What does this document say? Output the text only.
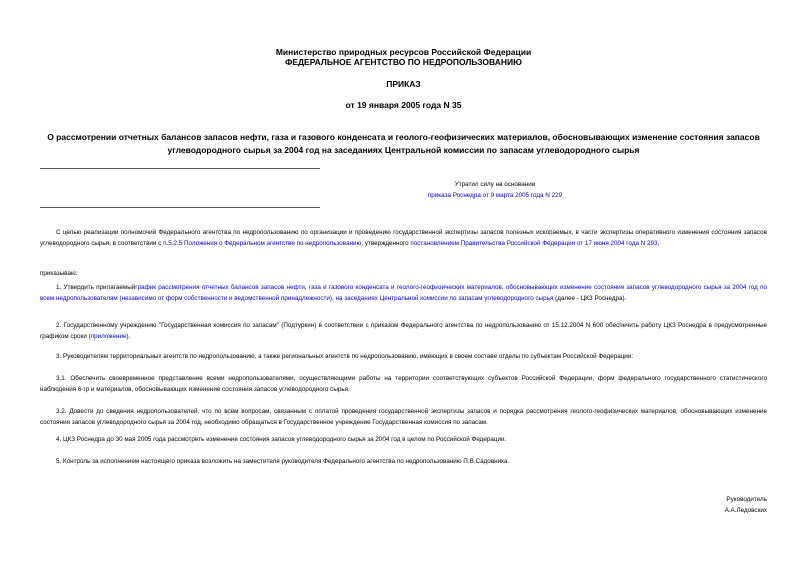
Министерство природных ресурсов Российской Федерации
ФЕДЕРАЛЬНОЕ АГЕНТСТВО ПО НЕДРОПОЛЬЗОВАНИЮ
ПРИКАЗ
от 19 января 2005 года N 35
О рассмотрении отчетных балансов запасов нефти, газа и газового конденсата и геолого-геофизических материалов, обосновывающих изменение состояния запасов углеводородного сырья за 2004 год на заседаниях Центральной комиссии по запасам углеводородного сырья
Утратил силу на основании
приказа Роснедра от 9 марта 2005 года N 229
С целью реализации полномочий Федерального агентства по недропользованию по организации и проведению государственной экспертизы запасов полезных ископаемых, в части экспертизы оперативного изменения состояния запасов углеводородного сырья, в соответствии с п.5.2.5 Положения о Федеральном агентстве по недропользованию, утвержденного постановлением Правительства Российской Федерации от 17 июня 2004 года N 293,
приказываю:
1. Утвердить прилагаемыйграфик рассмотрения отчетных балансов запасов нефти, газа и газового конденсата и геолого-геофизических материалов, обосновывающих изменение состояния запасов углеводородного сырья за 2004 год по всем недропользователям (независимо от форм собственности и ведомственной принадлежности), на заседаниях Центральной комиссии по запасам углеводородного сырья (далее - ЦКЗ Роснедра).
2. Государственному учреждению "Государственная комиссия по запасам" (Подтуркин) в соответствии с приказом Федерального агентства по недропользованию от 15.12.2004 N 600 обеспечить работу ЦКЗ Роснедра в предусмотренные графиком сроки (приложение).
3. Руководителям территориальных агентств по недропользованию, а также региональных агентств по недропользованию, имеющих в своем составе отделы по субъектам Российской Федерации:
3.1. Обеспечить своевременное представление всеми недропользователями, осуществляющими работы на территории соответствующих субъектов Российской Федерации, форм федерального государственного статистического наблюдения 6-гр и материалов, обосновывающих изменение состояния запасов углеводородного сырья.
3.2. Довести до сведения недропользователей, что по всем вопросам, связанным с оплатой проведения государственной экспертизы запасов и порядка рассмотрения геолого-геофизических материалов, обосновывающих изменение состояния запасов углеводородного сырья за 2004 год, необходимо обращаться в Государственное учреждение Государственная комиссия по запасам.
4. ЦКЗ Роснедра до 30 мая 2005 года рассмотреть изменение состояния запасов углеводородного сырья за 2004 год в целом по Российской Федерации.
5. Контроль за исполнением настоящего приказа возложить на заместителя руководителя Федерального агентства по недропользованию П.В.Садовника.
Руководитель
А.А.Ледовских
